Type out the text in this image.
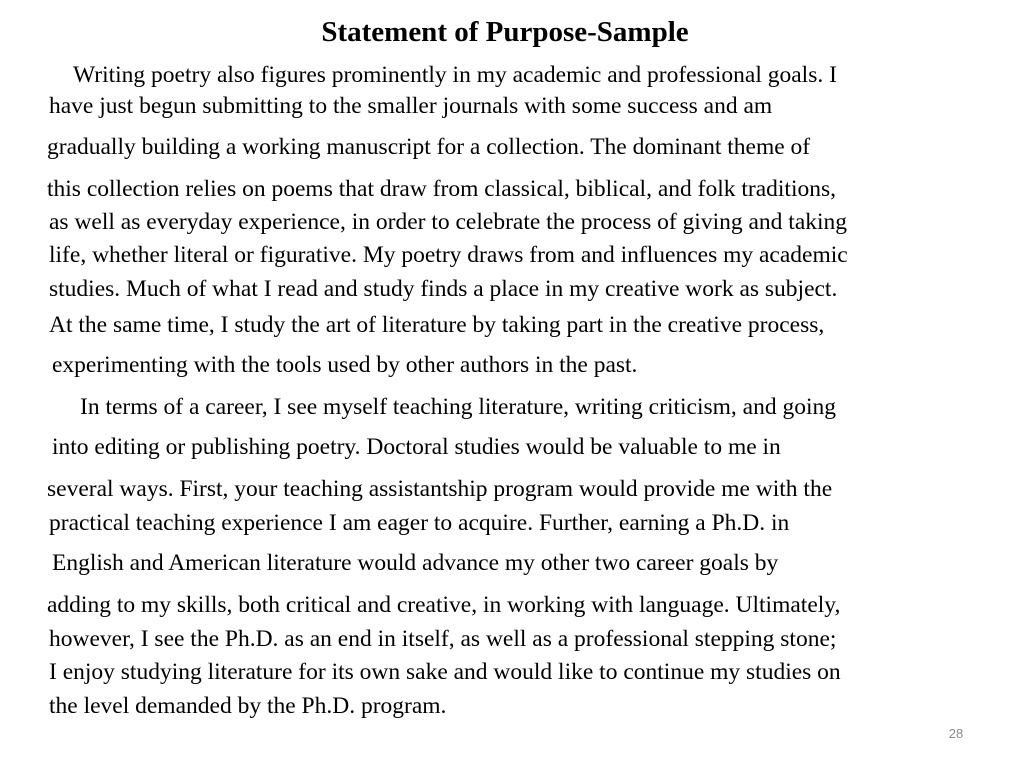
Statement of Purpose-Sample
Writing poetry also figures prominently in my academic and professional goals. I
have just begun submitting to the smaller journals with some success and am
gradually building a working manuscript for a collection. The dominant theme of
this collection relies on poems that draw from classical, biblical, and folk traditions,
as well as everyday experience, in order to celebrate the process of giving and taking
life, whether literal or figurative. My poetry draws from and influences my academic
studies. Much of what I read and study finds a place in my creative work as subject.
At the same time, I study the art of literature by taking part in the creative process,
experimenting with the tools used by other authors in the past.
In terms of a career, I see myself teaching literature, writing criticism, and going
into editing or publishing poetry. Doctoral studies would be valuable to me in
several ways. First, your teaching assistantship program would provide me with the
practical teaching experience I am eager to acquire. Further, earning a Ph.D. in
English and American literature would advance my other two career goals by
adding to my skills, both critical and creative, in working with language. Ultimately,
however, I see the Ph.D. as an end in itself, as well as a professional stepping stone;
I enjoy studying literature for its own sake and would like to continue my studies on
the level demanded by the Ph.D. program.
28
